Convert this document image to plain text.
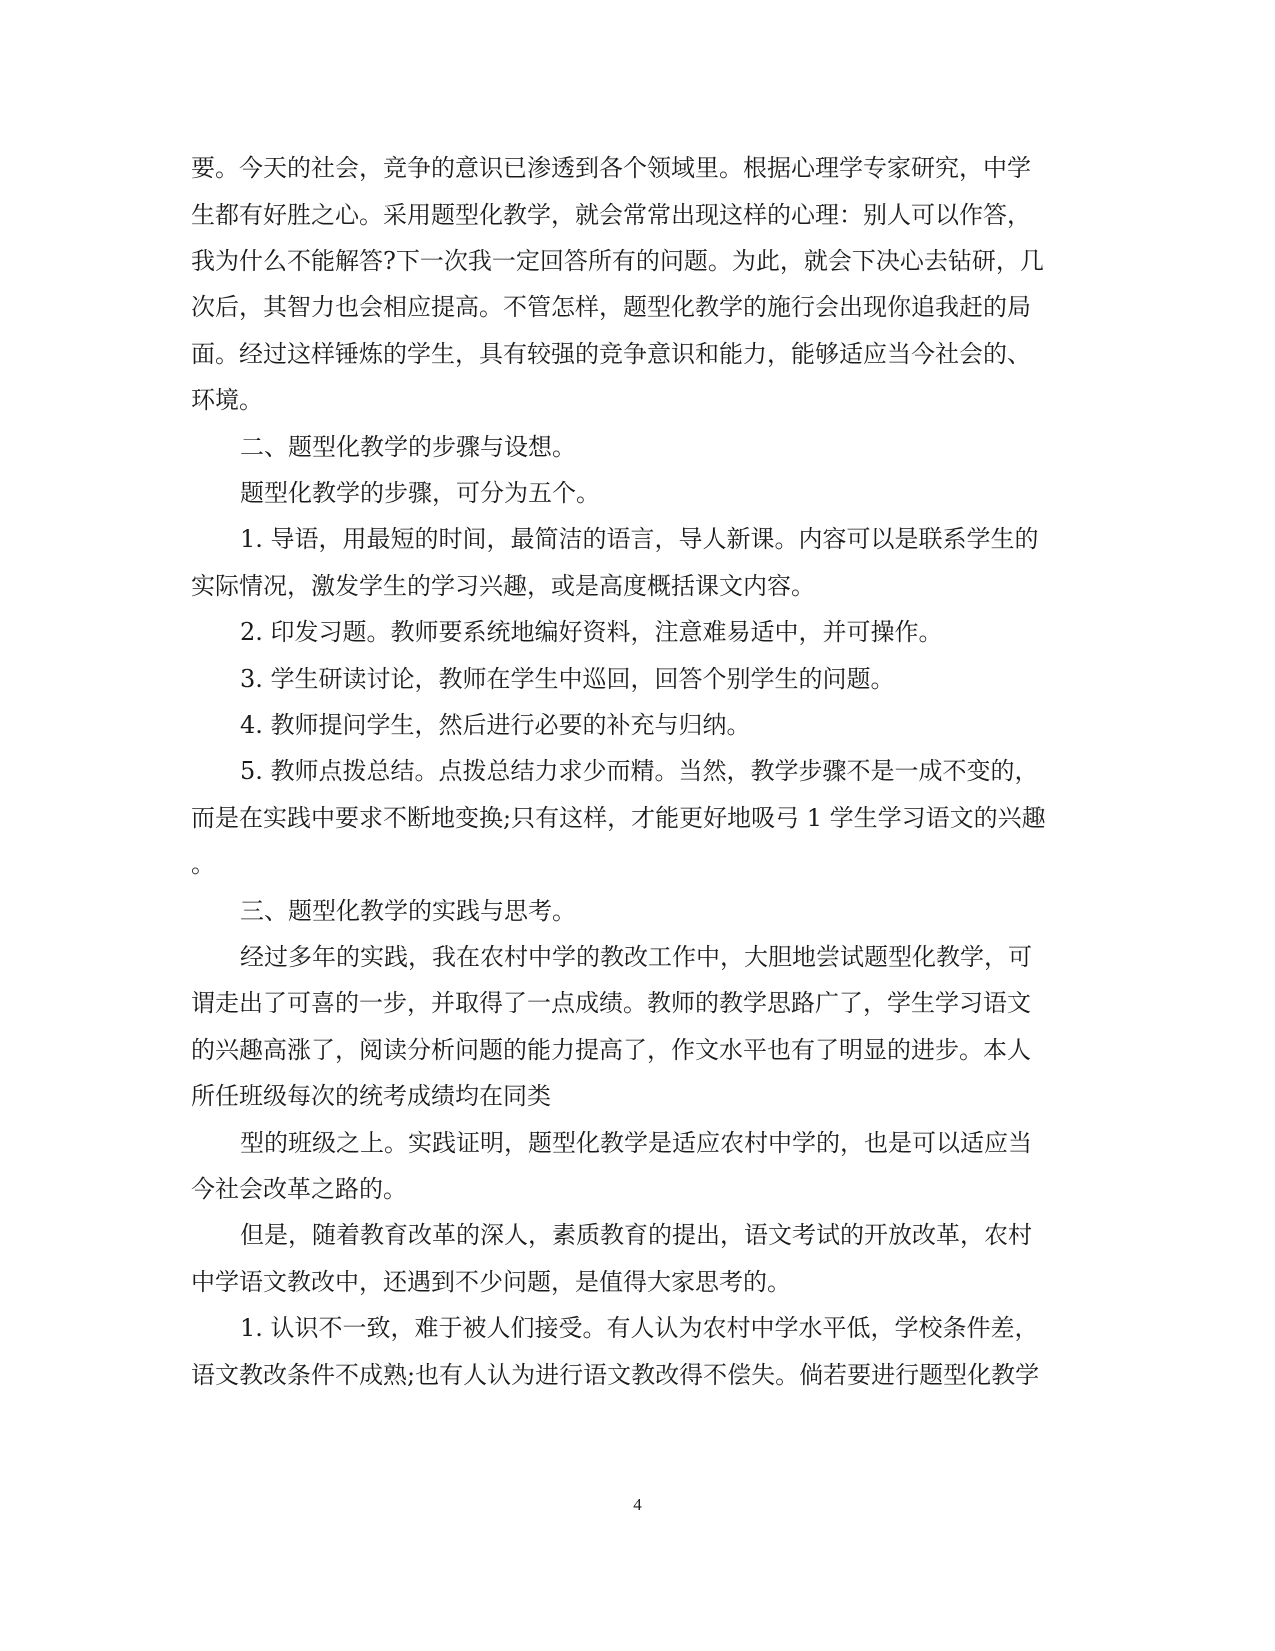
要。今天的社会，竞争的意识已渗透到各个领域里。根据心理学专家研究，中学
生都有好胜之心。采用题型化教学，就会常常出现这样的心理：别人可以作答，
我为什么不能解答?下一次我一定回答所有的问题。为此，就会下决心去钻研，几
次后，其智力也会相应提高。不管怎样，题型化教学的施行会出现你追我赶的局
面。经过这样锤炼的学生，具有较强的竞争意识和能力，能够适应当今社会的、
环境。
二、题型化教学的步骤与设想。
题型化教学的步骤，可分为五个。
1. 导语，用最短的时间，最简洁的语言，导人新课。内容可以是联系学生的
实际情况，激发学生的学习兴趣，或是高度概括课文内容。
2. 印发习题。教师要系统地编好资料，注意难易适中，并可操作。
3. 学生研读讨论，教师在学生中巡回，回答个别学生的问题。
4. 教师提问学生，然后进行必要的补充与归纳。
5. 教师点拨总结。点拨总结力求少而精。当然，教学步骤不是一成不变的，
而是在实践中要求不断地变换;只有这样，才能更好地吸弓 1 学生学习语文的兴趣
。
三、题型化教学的实践与思考。
经过多年的实践，我在农村中学的教改工作中，大胆地尝试题型化教学，可
谓走出了可喜的一步，并取得了一点成绩。教师的教学思路广了，学生学习语文
的兴趣高涨了，阅读分析问题的能力提高了，作文水平也有了明显的进步。本人
所任班级每次的统考成绩均在同类
型的班级之上。实践证明，题型化教学是适应农村中学的，也是可以适应当
今社会改革之路的。
但是，随着教育改革的深人，素质教育的提出，语文考试的开放改革，农村
中学语文教改中，还遇到不少问题，是值得大家思考的。
1. 认识不一致，难于被人们接受。有人认为农村中学水平低，学校条件差，
语文教改条件不成熟;也有人认为进行语文教改得不偿失。倘若要进行题型化教学
4
